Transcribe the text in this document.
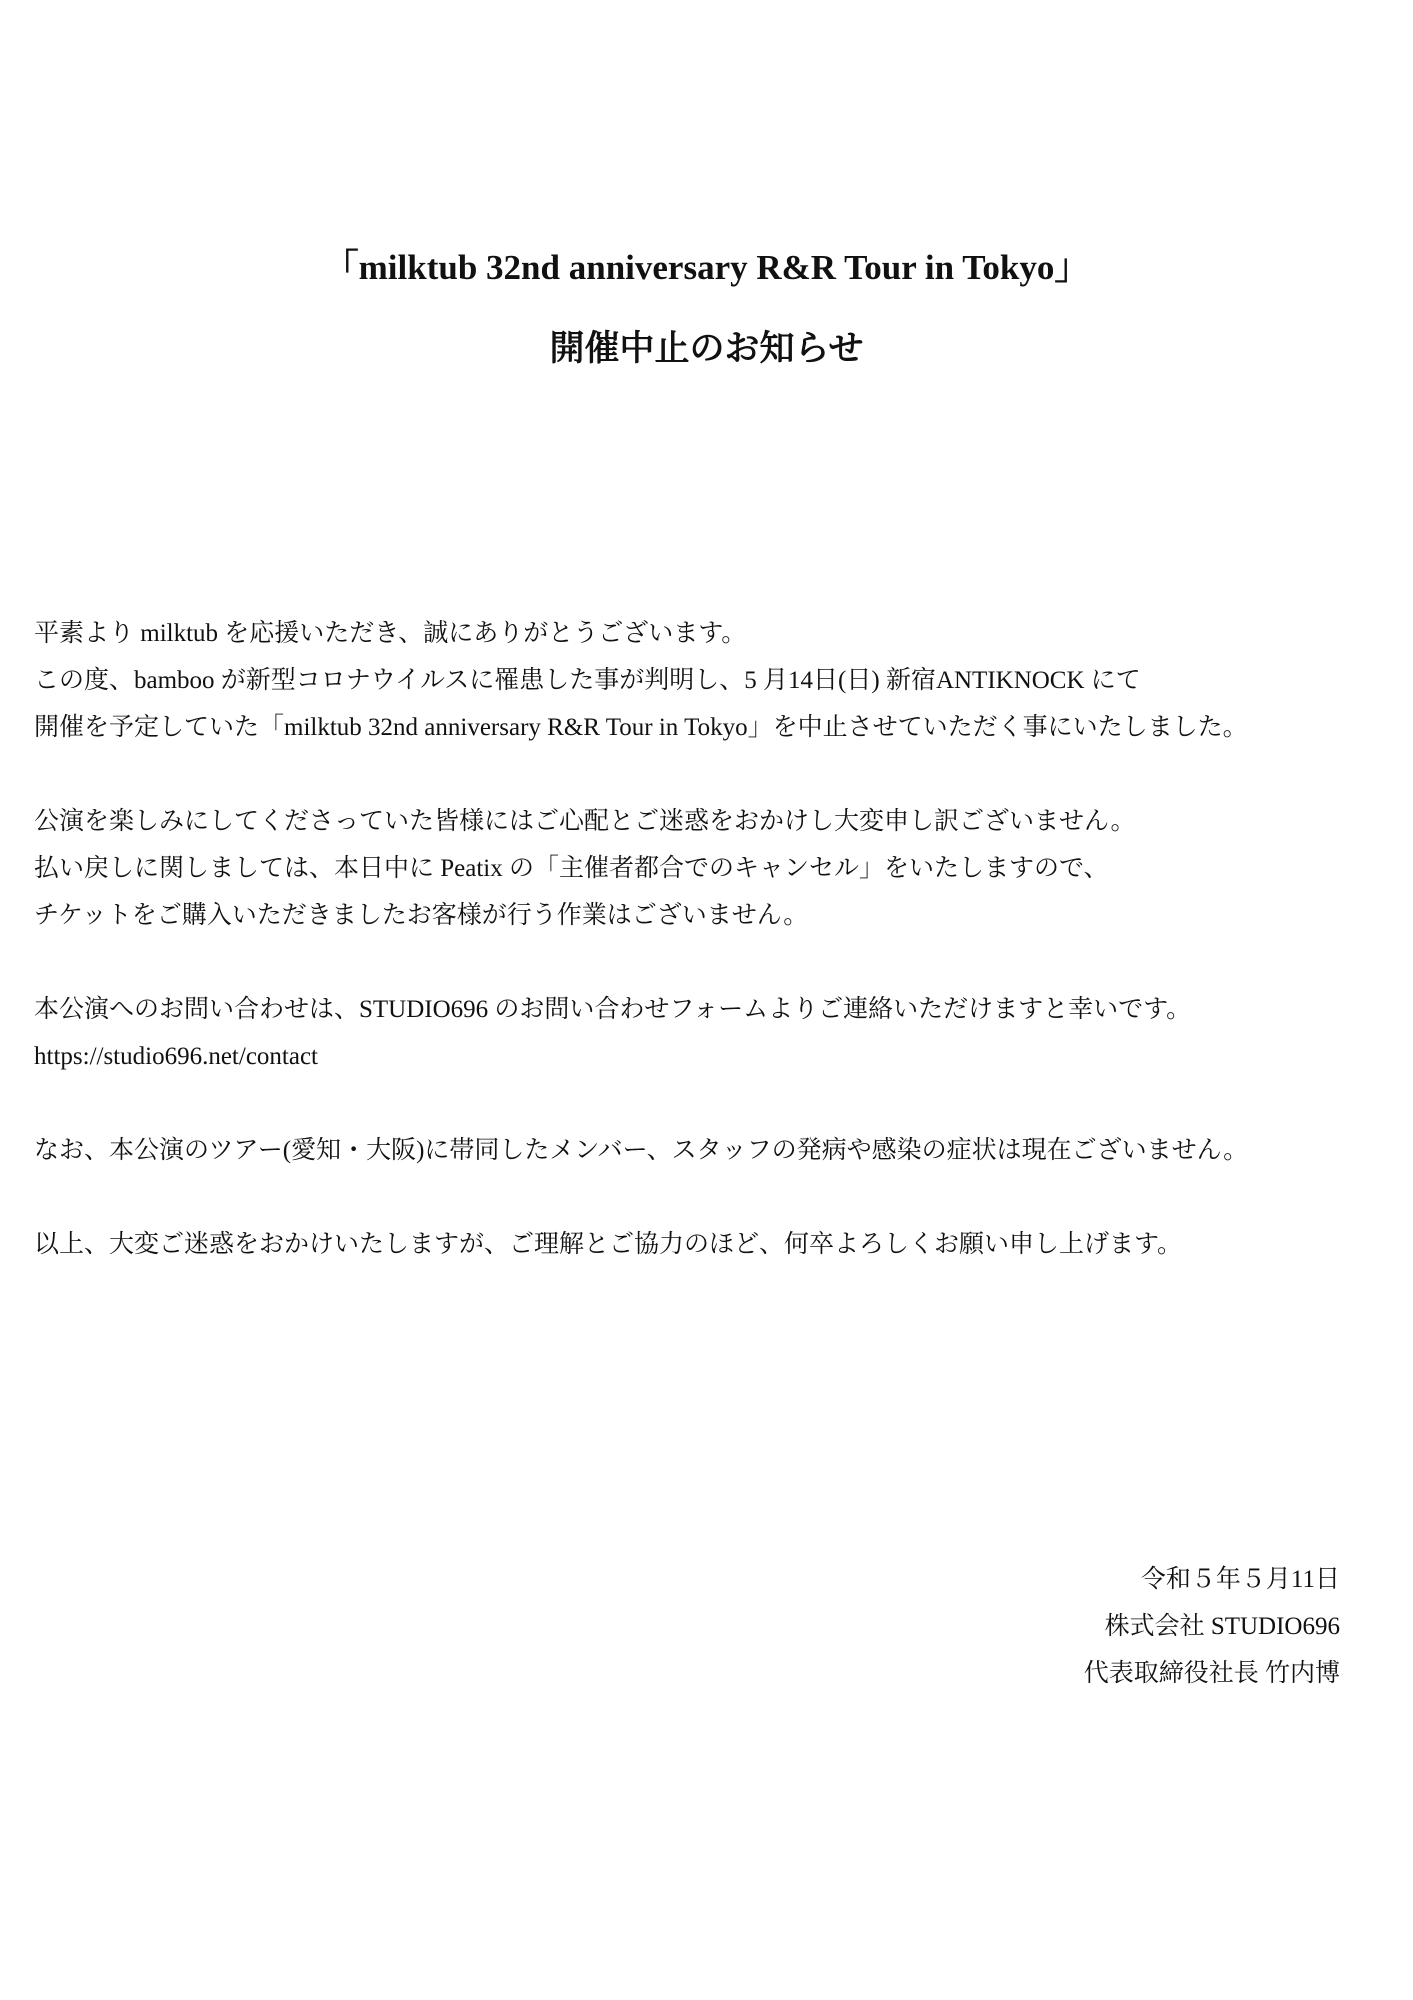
「milktub 32nd anniversary R&R Tour in Tokyo」

開催中止のお知らせ

平素より milktub を応援いただき、誠にありがとうございます。
この度、bamboo が新型コロナウイルスに罹患した事が判明し、5 月14日(日) 新宿ANTIKNOCK にて
開催を予定していた「milktub 32nd anniversary R&R Tour in Tokyo」を中止させていただく事にいたしました。

公演を楽しみにしてくださっていた皆様にはご心配とご迷惑をおかけし大変申し訳ございません。
払い戻しに関しましては、本日中に Peatix の「主催者都合でのキャンセル」をいたしますので、
チケットをご購入いただきましたお客様が行う作業はございません。

本公演へのお問い合わせは、STUDIO696 のお問い合わせフォームよりご連絡いただけますと幸いです。
https://studio696.net/contact

なお、本公演のツアー(愛知・大阪)に帯同したメンバー、スタッフの発病や感染の症状は現在ございません。

以上、大変ご迷惑をおかけいたしますが、ご理解とご協力のほど、何卒よろしくお願い申し上げます。

令和５年５月11日
株式会社 STUDIO696
代表取締役社長 竹内博
